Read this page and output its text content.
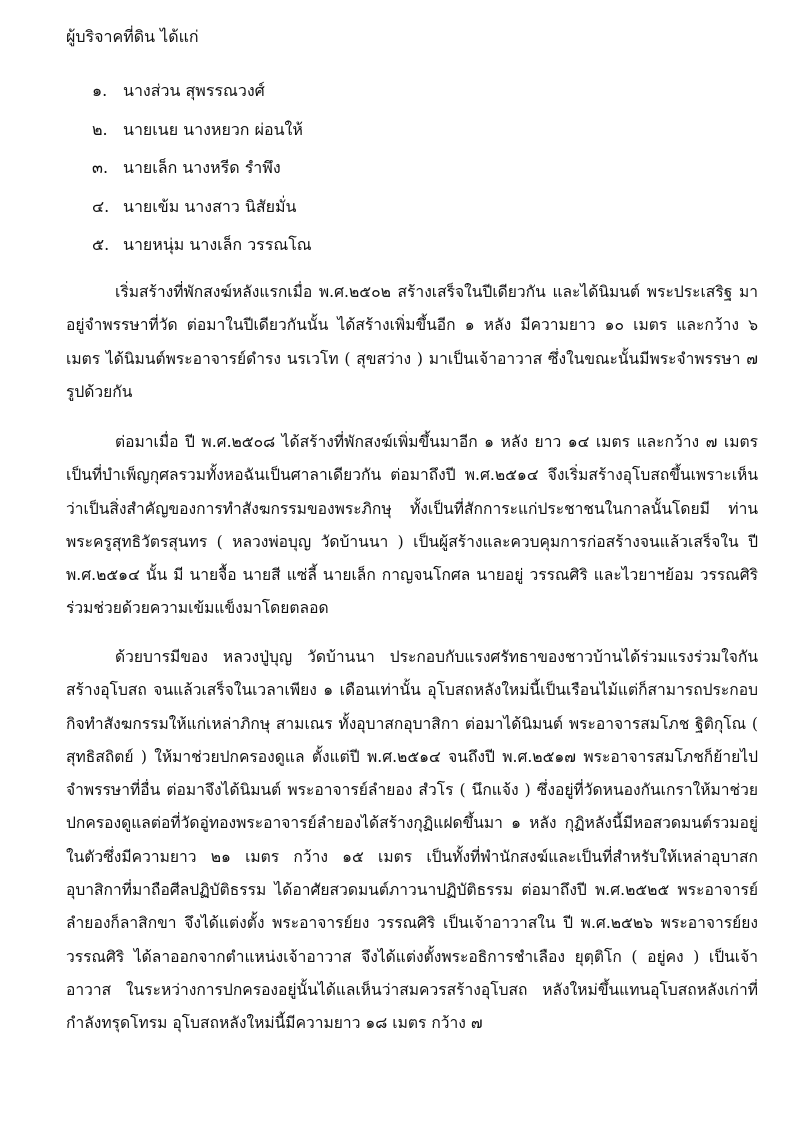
ผู้บริจาคที่ดิน ได้แก่
๑. นางส่วน สุพรรณวงศ์
๒. นายเนย นางหยวก ผ่อนให้
๓. นายเล็ก นางหรีด รำพึง
๔. นายเข้ม นางสาว นิสัยมั่น
๕. นายหนุ่ม นางเล็ก วรรณโณ

เริ่มสร้างที่พักสงฆ์หลังแรกเมื่อ พ.ศ.๒๕๐๒ สร้างเสร็จในปีเดียวกัน และได้นิมนต์ พระประเสริฐ มาอยู่จำพรรษาที่วัด ต่อมาในปีเดียวกันนั้น ได้สร้างเพิ่มขึ้นอีก ๑ หลัง มีความยาว ๑๐ เมตร และกว้าง ๖ เมตร ได้นิมนต์พระอาจารย์ดำรง นรเวโท ( สุขสว่าง ) มาเป็นเจ้าอาวาส ซึ่งในขณะนั้นมีพระจำพรรษา ๗ รูปด้วยกัน

ต่อมาเมื่อ ปี พ.ศ.๒๕๐๘ ได้สร้างที่พักสงฆ์เพิ่มขึ้นมาอีก ๑ หลัง ยาว ๑๔ เมตร และกว้าง ๗ เมตร เป็นที่บำเพ็ญกุศลรวมทั้งหอฉันเป็นศาลาเดียวกัน ต่อมาถึงปี พ.ศ.๒๕๑๔ จึงเริ่มสร้างอุโบสถขึ้นเพราะเห็นว่าเป็นสิ่งสำคัญของการทำสังฆกรรมของพระภิกษุ ทั้งเป็นที่สักการะแก่ประชาชนในกาลนั้นโดยมี ท่านพระครูสุทธิวัตรสุนทร ( หลวงพ่อบุญ วัดบ้านนา ) เป็นผู้สร้างและควบคุมการก่อสร้างจนแล้วเสร็จใน ปี พ.ศ.๒๕๑๔ นั้น มี นายจื้อ นายสี แซ่ลี้ นายเล็ก กาญจนโกศล นายอยู่ วรรณศิริ และไวยาฯย้อม วรรณศิริ ร่วมช่วยด้วยความเข้มแข็งมาโดยตลอด

ด้วยบารมีของ หลวงปู่บุญ วัดบ้านนา ประกอบกับแรงศรัทธาของชาวบ้านได้ร่วมแรงร่วมใจกันสร้างอุโบสถ จนแล้วเสร็จในเวลาเพียง ๑ เดือนเท่านั้น อุโบสถหลังใหม่นี้เป็นเรือนไม้แต่ก็สามารถประกอบกิจทำสังฆกรรมให้แก่เหล่าภิกษุ สามเณร ทั้งอุบาสกอุบาสิกา ต่อมาได้นิมนต์ พระอาจารสมโภช ฐิติกุโณ ( สุทธิสถิตย์ ) ให้มาช่วยปกครองดูแล ตั้งแต่ปี พ.ศ.๒๕๑๔ จนถึงปี พ.ศ.๒๕๑๗ พระอาจารสมโภชก็ย้ายไปจำพรรษาที่อื่น ต่อมาจึงได้นิมนต์ พระอาจารย์ลำยอง สํวโร ( นึกแจ้ง ) ซึ่งอยู่ที่วัดหนองกันเกราให้มาช่วยปกครองดูแลต่อที่วัดอู่ทองพระอาจารย์ลำยองได้สร้างกุฏิแฝดขึ้นมา ๑ หลัง กุฏิหลังนี้มีหอสวดมนต์รวมอยู่ในตัวซึ่งมีความยาว ๒๑ เมตร กว้าง ๑๕ เมตร เป็นทั้งที่พำนักสงฆ์และเป็นที่สำหรับให้เหล่าอุบาสกอุบาสิกาที่มาถือศีลปฏิบัติธรรม ได้อาศัยสวดมนต์ภาวนาปฏิบัติธรรม ต่อมาถึงปี พ.ศ.๒๕๒๕ พระอาจารย์ลำยองก็ลาสิกขา จึงได้แต่งตั้ง พระอาจารย์ยง วรรณศิริ เป็นเจ้าอาวาสใน ปี พ.ศ.๒๕๒๖ พระอาจารย์ยง วรรณศิริ ได้ลาออกจากตำแหน่งเจ้าอาวาส จึงได้แต่งตั้งพระอธิการชำเลือง ยุตฺติโก ( อยู่คง ) เป็นเจ้าอาวาส ในระหว่างการปกครองอยู่นั้นได้แลเห็นว่าสมควรสร้างอุโบสถ หลังใหม่ขึ้นแทนอุโบสถหลังเก่าที่กำลังทรุดโทรม อุโบสถหลังใหม่นี้มีความยาว ๑๘ เมตร กว้าง ๗
